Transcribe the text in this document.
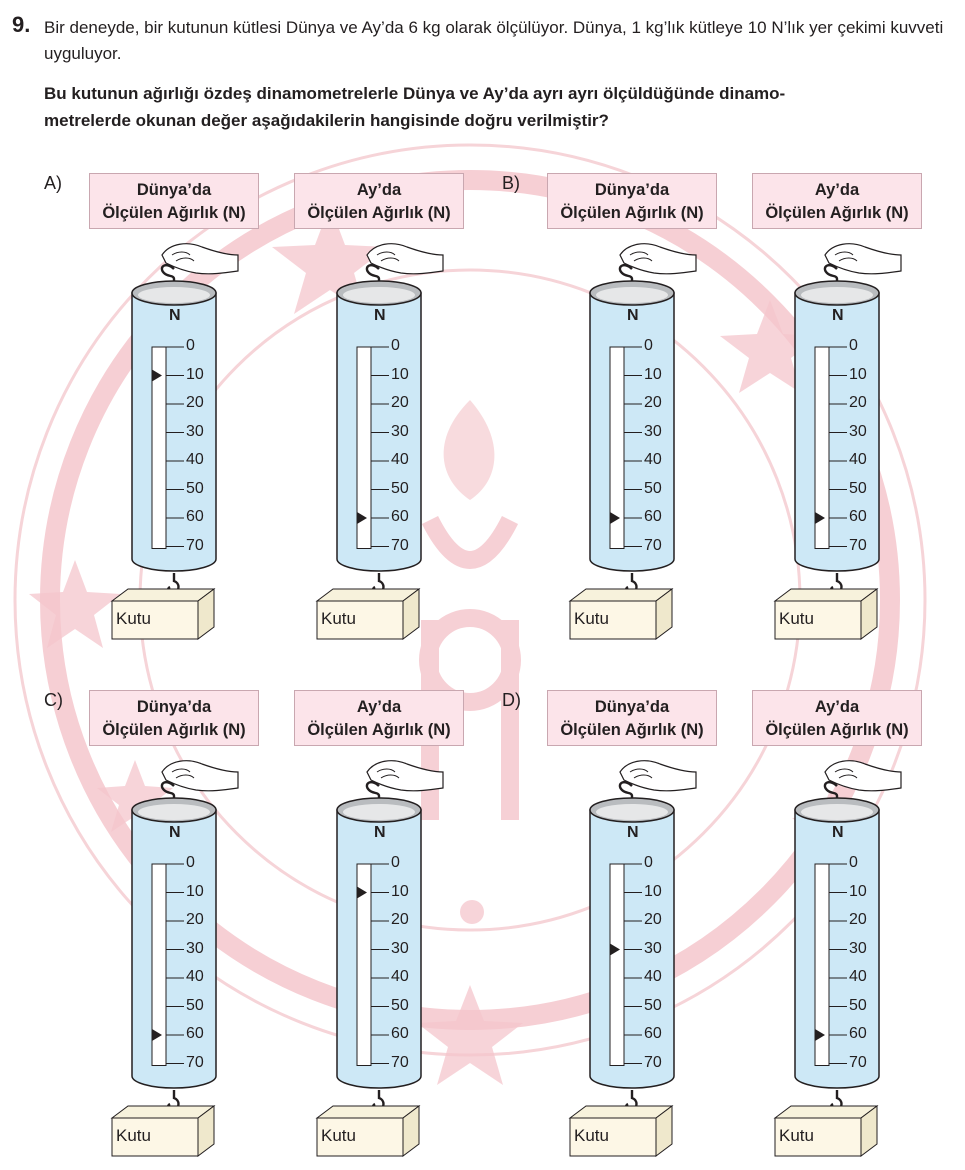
9. Bir deneyde, bir kutunun kütlesi Dünya ve Ay’da 6 kg olarak ölçülüyor. Dünya, 1 kg’lık kütleye 10 N’lık yer çekimi kuvveti uyguluyor.
Bu kutunun ağırlığı özdeş dinamometrelerle Dünya ve Ay’da ayrı ayrı ölçüldüğünde dinamo-
metrelerde okunan değer aşağıdakilerin hangisinde doğru verilmiştir?
A)	Dünya’da
Ölçülen Ağırlık (N)
Ay’da
Ölçülen Ağırlık (N)
N
0
10
20
30
40
50
60
70
Kutu
N
0
10
20
30
40
50
60
70
Kutu
B)	Dünya’da
Ölçülen Ağırlık (N)
Ay’da
Ölçülen Ağırlık (N)
N
0
10
20
30
40
50
60
70
Kutu
N
0
10
20
30
40
50
60
70
Kutu
C)	Dünya’da
Ölçülen Ağırlık (N)
Ay’da
Ölçülen Ağırlık (N)
N
0
10
20
30
40
50
60
70
Kutu
N
0
10
20
30
40
50
60
70
Kutu
D)	Dünya’da
Ölçülen Ağırlık (N)
Ay’da
Ölçülen Ağırlık (N)
N
0
10
20
30
40
50
60
70
Kutu
N
0
10
20
30
40
50
60
70
Kutu
